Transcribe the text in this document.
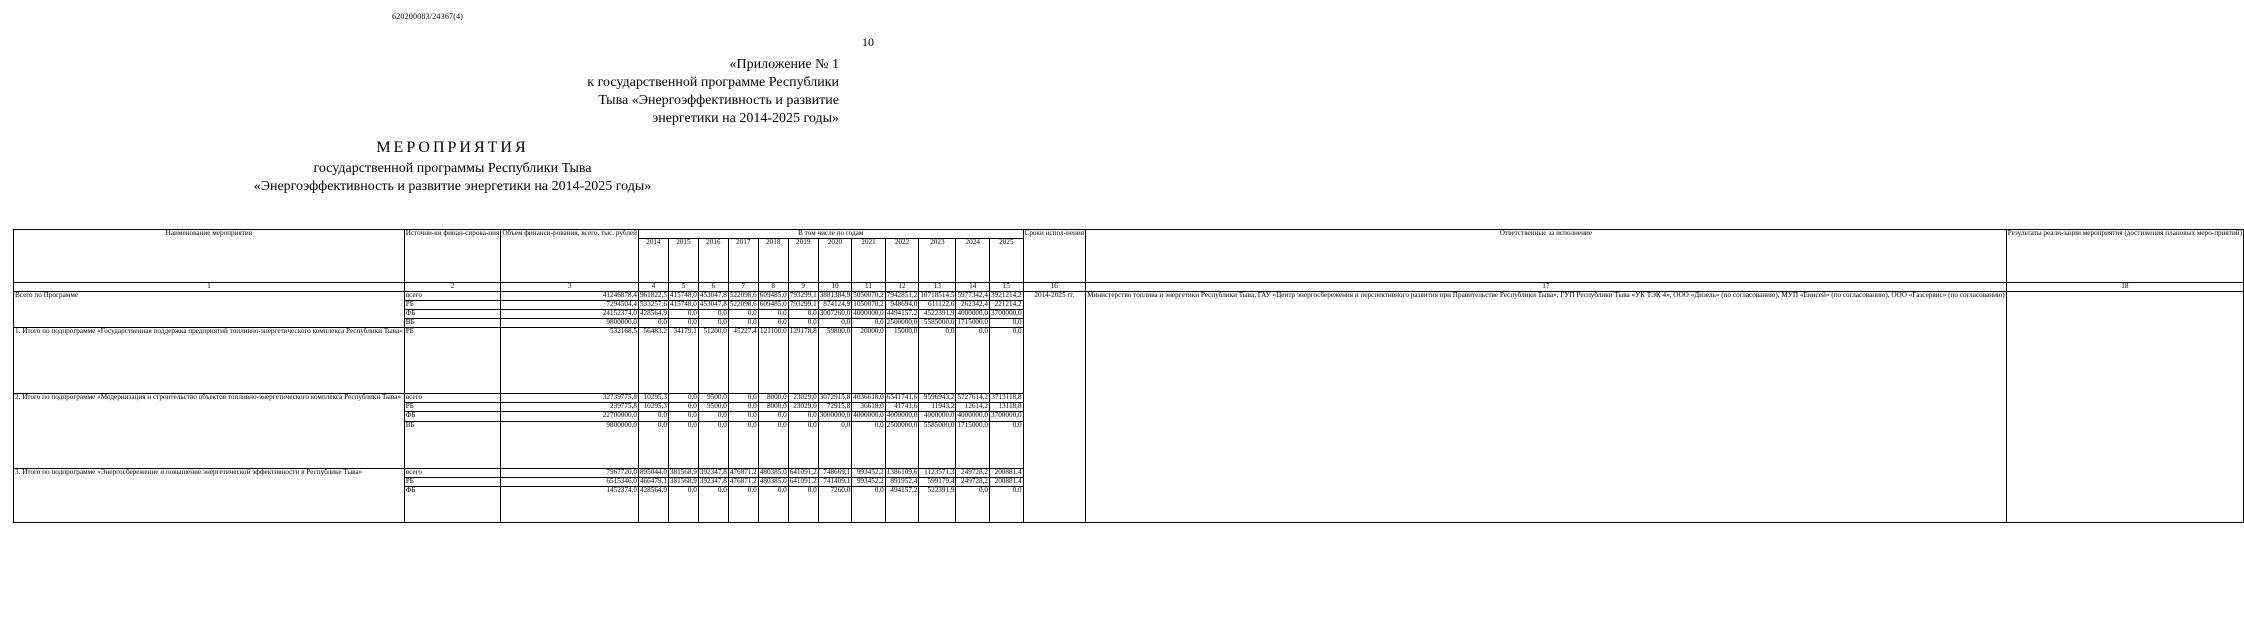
620200083/24367(4)
10
«Приложение № 1
к государственной программе Республики
Тыва «Энергоэффективность и развитие
энергетики на 2014-2025 годы»
МЕРОПРИЯТИЯ
государственной программы Республики Тыва
«Энергоэффективность и развитие энергетики на 2014-2025 годы»
Наименование мероприятия	Источни-ки финан-сирова-ния	Объем финанси-рования, всего, тыс. рублей	В том числе по годам												Сроки испол-нения	Ответственные за исполнение	Результаты реали-зации мероприятия (достижения плановых меро-приятий)
			2014	2015	2016	2017	2018	2019	2020	2021	2022	2023	2024	2025			
1	2	3	4	5	6	7	8	9	10	11	12	13	14	15	16	17	18
Всего по Программе	всего	41246878,4	961822,5	415748,0	453047,8	522098,6	609485,0	793299,1	3881384,9	5050070,2	7942851,2	10718514,5	5977342,4	3921214,2	2014-2025 гг.	Министерство топлива и энергетики Республики Тыва, ГАУ «Центр энергосбережения и перспективного развития при Правительстве Республики Тыва», ГУП Республики Тыва «УК ТЭК 4», ООО «Дизель» (по согласованию), МУП «Енисей» (по согласованию), ООО «Газсервис» (по согласованию)	
	РБ	7294504,4	533257,6	415748,0	453047,8	522098,6	609485,0	793299,1	874124,9	1050070,2	948694,0	611122,6	262342,4	221214,2			
	ФБ	24152374,0	428564,9	0,0	0,0	0,0	0,0	0,0	3007260,0	4000000,0	4494157,2	4522391,9	4000000,0	3700000,0			
	ВБ	9800000,0	0,0	0,0	0,0	0,0	0,0	0,0	0,0	0,0	2500000,0	5585000,0	1715000,0	0,0			
1. Итого по подпрограмме «Государственная поддержка предприятий топливно-энергетического комплекса Республики Тыва»	РБ	532168,5	56483,2	34179,1	51200,0	45227,4	121100,0	129178,8	59800,0	20000,0	15000,0	0,0	0,0	0,0			
2. Итого по подпрограмме «Модернизация и строительство объектов топливно-энергетического комплекса Республики Тыва»	всего	32739775,8	10295,3	0,0	9500,0	0,0	8000,0	23029,0	3072915,8	4036618,0	6541741,6	9596943,2	5727614,2	3713118,8			
	РБ	239775,8	10295,3	0,0	9500,0	0,0	8000,0	23029,0	72915,8	36618,0	41741,6	11943,2	12614,2	13118,8			
	ФБ	22700000,0	0,0	0,0	0,0	0,0	0,0	0,0	3000000,0	4000000,0	4000000,0	4000000,0	4000000,0	3700000,0			
	ВБ	9800000,0	0,0	0,0	0,0	0,0	0,0	0,0	0,0	0,0	2500000,0	5585000,0	1715000,0	0,0			
3. Итого по подпрограмме «Энергосбережение и повышение энергетической эффективности в Республике Тыва»	всего	7967720,0	895044,0	381568,9	392347,8	476871,2	480385,0	641091,2	748669,1	993452,2	1386109,6	1123571,3	249728,2	200881,4			
	РБ	6515346,0	466479,1	381568,9	392347,8	476871,2	480385,0	641091,2	741409,1	993452,2	891952,4	599179,4	249728,2	200881,4			
	ФБ	1452374,0	428564,9	0,0	0,0	0,0	0,0	0,0	7260,0	0,0	494157,2	522391,9	0,0	0,0			
